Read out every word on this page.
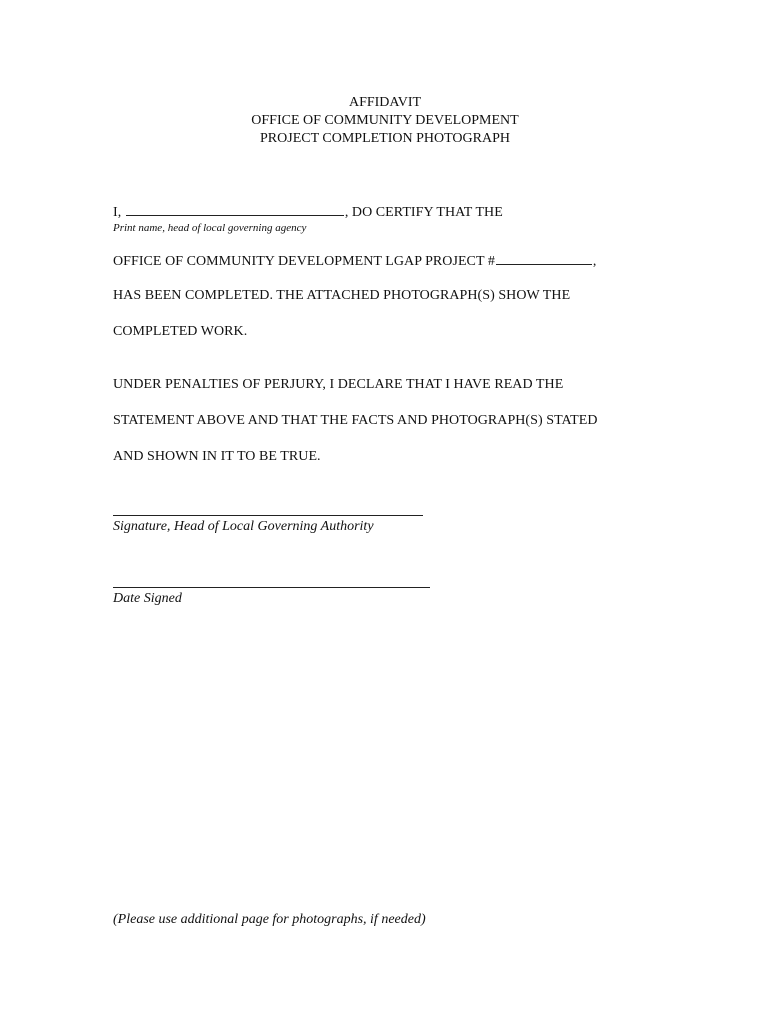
AFFIDAVIT
OFFICE OF COMMUNITY DEVELOPMENT
PROJECT COMPLETION PHOTOGRAPH
I,	, DO CERTIFY THAT THE
Print name, head of local governing agency
OFFICE OF COMMUNITY DEVELOPMENT LGAP PROJECT #	,
HAS BEEN COMPLETED. THE ATTACHED PHOTOGRAPH(S) SHOW THE
COMPLETED WORK.
UNDER PENALTIES OF PERJURY, I DECLARE THAT I HAVE READ THE
STATEMENT ABOVE AND THAT THE FACTS AND PHOTOGRAPH(S) STATED
AND SHOWN IN IT TO BE TRUE.
Signature, Head of Local Governing Authority
Date Signed
(Please use additional page for photographs, if needed)
